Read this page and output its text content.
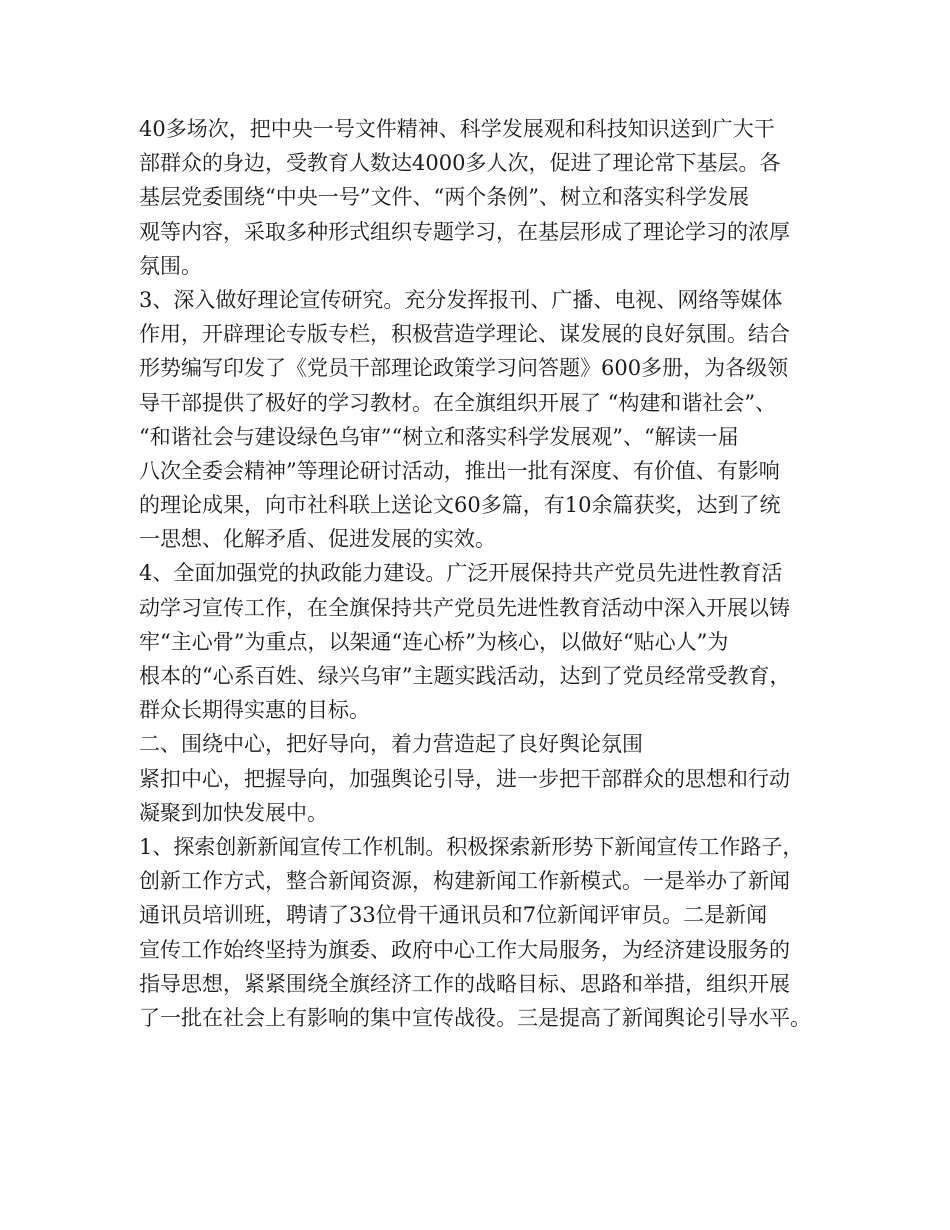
40多场次，把中央一号文件精神、科学发展观和科技知识送到广大干
部群众的身边，受教育人数达4000多人次，促进了理论常下基层。各
基层党委围绕“中央一号”文件、“两个条例”、树立和落实科学发展
观等内容，采取多种形式组织专题学习，在基层形成了理论学习的浓厚
氛围。
3、深入做好理论宣传研究。充分发挥报刊、广播、电视、网络等媒体
作用，开辟理论专版专栏，积极营造学理论、谋发展的良好氛围。结合
形势编写印发了《党员干部理论政策学习问答题》600多册，为各级领
导干部提供了极好的学习教材。在全旗组织开展了 “构建和谐社会”、
“和谐社会与建设绿色乌审”“树立和落实科学发展观”、“解读一届
八次全委会精神”等理论研讨活动，推出一批有深度、有价值、有影响
的理论成果，向市社科联上送论文60多篇，有10余篇获奖，达到了统
一思想、化解矛盾、促进发展的实效。
4、全面加强党的执政能力建设。广泛开展保持共产党员先进性教育活
动学习宣传工作，在全旗保持共产党员先进性教育活动中深入开展以铸
牢“主心骨”为重点，以架通“连心桥”为核心，以做好“贴心人”为
根本的“心系百姓、绿兴乌审”主题实践活动，达到了党员经常受教育，
群众长期得实惠的目标。
二、围绕中心，把好导向，着力营造起了良好舆论氛围
紧扣中心，把握导向，加强舆论引导，进一步把干部群众的思想和行动
凝聚到加快发展中。
1、探索创新新闻宣传工作机制。积极探索新形势下新闻宣传工作路子，
创新工作方式，整合新闻资源，构建新闻工作新模式。一是举办了新闻
通讯员培训班，聘请了33位骨干通讯员和7位新闻评审员。二是新闻
宣传工作始终坚持为旗委、政府中心工作大局服务，为经济建设服务的
指导思想，紧紧围绕全旗经济工作的战略目标、思路和举措，组织开展
了一批在社会上有影响的集中宣传战役。三是提高了新闻舆论引导水平。
